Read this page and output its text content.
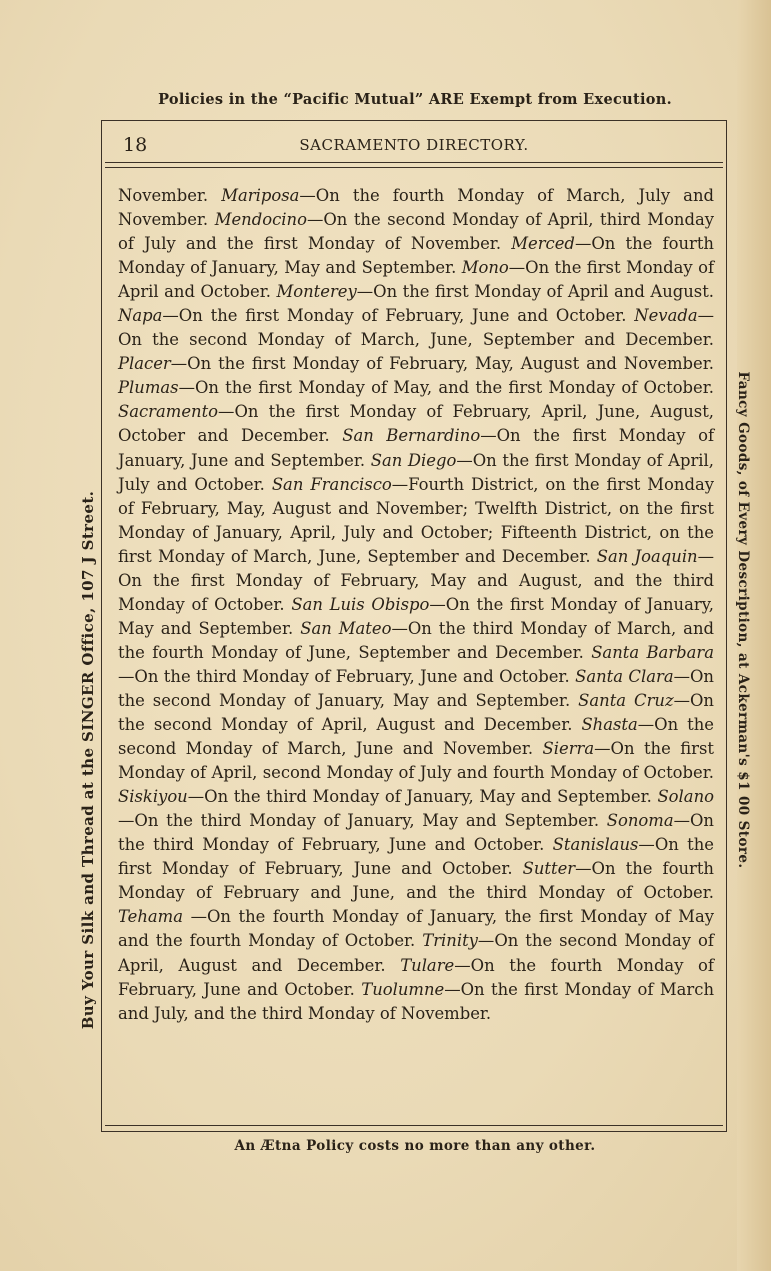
Policies in the “Pacific Mutual” ARE Exempt from Execution.
Buy Your Silk and Thread at the SINGER Office, 107 J Street.	Fancy Goods, of Every Description, at Ackerman's $1 00 Store.
18	SACRAMENTO DIRECTORY.

November. Mariposa—On the fourth Monday of March, July and November. Mendocino—On the second Monday of April, third Monday of July and the first Monday of November. Merced—On the fourth Monday of January, May and September. Mono—On the first Monday of April and October. Monterey—On the first Monday of April and August. Napa—On the first Monday of February, June and October. Nevada—On the second Monday of March, June, September and December. Placer—On the first Monday of February, May, August and November. Plumas—On the first Monday of May, and the first Monday of October. Sacramento—On the first Monday of February, April, June, August, October and December. San Bernardino—On the first Monday of January, June and September. San Diego—On the first Monday of April, July and October. San Francisco—Fourth District, on the first Monday of February, May, August and November; Twelfth District, on the first Monday of January, April, July and October; Fifteenth District, on the first Monday of March, June, September and December. San Joaquin—On the first Monday of February, May and August, and the third Monday of October. San Luis Obispo—On the first Monday of January, May and September. San Mateo—On the third Monday of March, and the fourth Monday of June, September and December. Santa Barbara —On the third Monday of February, June and October. Santa Clara—On the second Monday of January, May and September. Santa Cruz—On the second Monday of April, August and December. Shasta—On the second Monday of March, June and November. Sierra—On the first Monday of April, second Monday of July and fourth Monday of October. Siskiyou—On the third Monday of January, May and September. Solano—On the third Monday of January, May and September. Sonoma—On the third Monday of February, June and October. Stanislaus—On the first Monday of February, June and October. Sutter—On the fourth Monday of February and June, and the third Monday of October. Tehama —On the fourth Monday of January, the first Monday of May and the fourth Monday of October. Trinity—On the second Monday of April, August and December. Tulare—On the fourth Monday of February, June and October. Tuolumne—On the first Monday of March and July, and the third Monday of November.

An Ætna Policy costs no more than any other.
